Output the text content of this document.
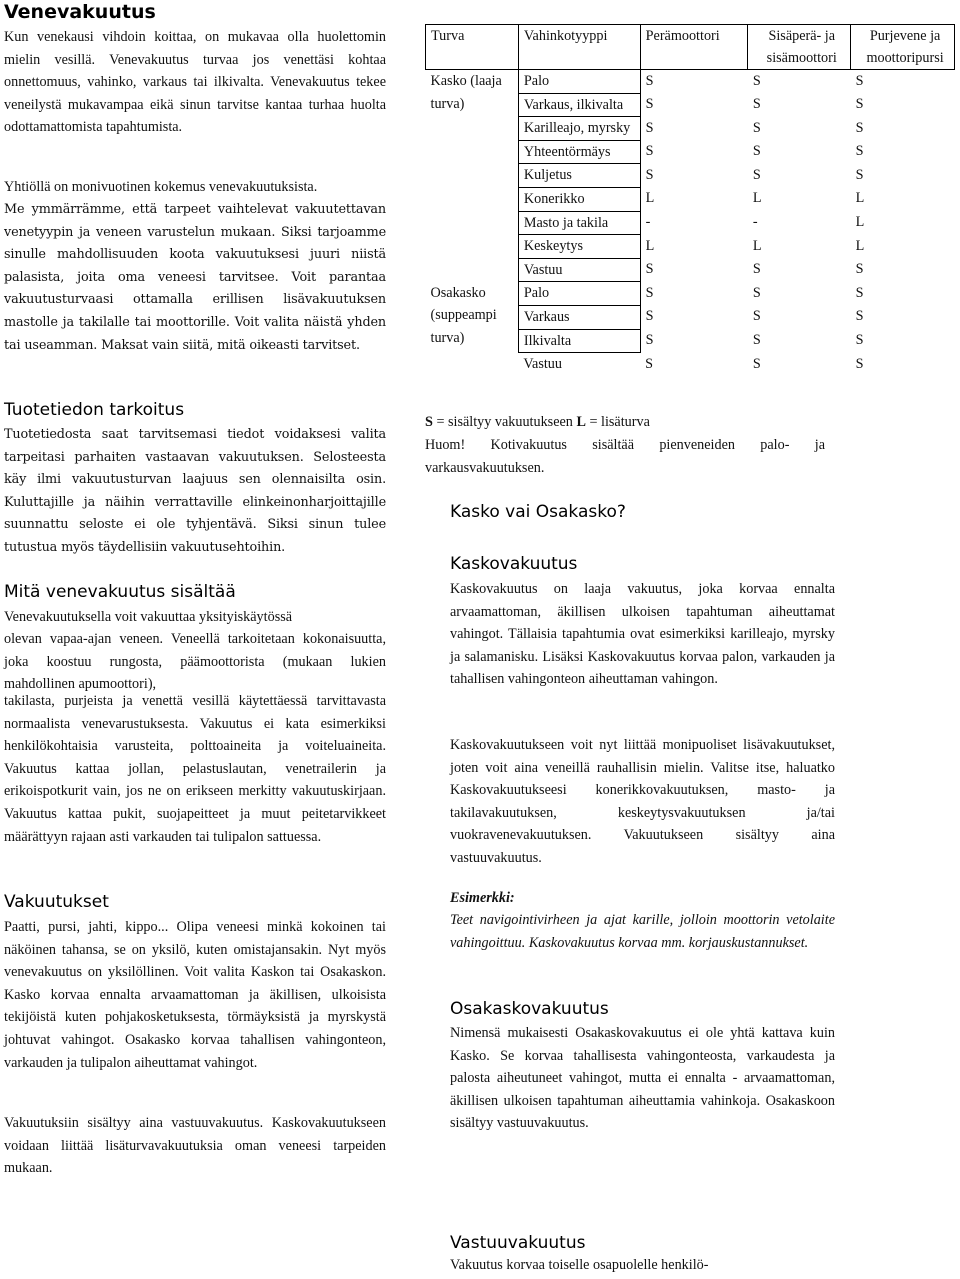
Venevakuutus

Kun venekausi vihdoin koittaa, on mukavaa olla huolettomin mielin vesillä. Venevakuutus turvaa jos venettäsi kohtaa onnettomuus, vahinko, varkaus tai ilkivalta. Venevakuutus tekee veneilystä mukavampaa eikä sinun tarvitse kantaa turhaa huolta odottamattomista tapahtumista.

Yhtiöllä on monivuotinen kokemus venevakuutuksista.

Me ymmärrämme, että tarpeet vaihtelevat vakuutettavan venetyypin ja veneen varustelun mukaan. Siksi tarjoamme sinulle mahdollisuuden koota vakuutuksesi juuri niistä palasista, joita oma veneesi tarvitsee. Voit parantaa vakuutusturvaasi ottamalla erillisen lisävakuutuksen mastolle ja takilalle tai moottorille. Voit valita näistä yhden tai useamman. Maksat vain siitä, mitä oikeasti tarvitset.

Tuotetiedon tarkoitus

Tuotetiedosta saat tarvitsemasi tiedot voidaksesi valita tarpeitasi parhaiten vastaavan vakuutuksen. Selosteesta käy ilmi vakuutusturvan laajuus sen olennaisilta osin. Kuluttajille ja näihin verrattaville elinkeinonharjoittajille suunnattu seloste ei ole tyhjentävä. Siksi sinun tulee tutustua myös täydellisiin vakuutusehtoihin.

Mitä venevakuutus sisältää

Venevakuutuksella voit vakuuttaa yksityiskäytössä

olevan vapaa-ajan veneen. Veneellä tarkoitetaan kokonaisuutta, joka koostuu rungosta, päämoottorista (mukaan lukien mahdollinen apumoottori),

takilasta, purjeista ja venettä vesillä käytettäessä tarvittavasta normaalista venevarustuksesta. Vakuutus ei kata esimerkiksi henkilökohtaisia varusteita, polttoaineita ja voiteluaineita. Vakuutus kattaa jollan, pelastuslautan, venetrailerin ja erikoispotkurit vain, jos ne on erikseen merkitty vakuutuskirjaan. Vakuutus kattaa pukit, suojapeitteet ja muut peitetarvikkeet määrättyyn rajaan asti varkauden tai tulipalon sattuessa.

Vakuutukset

Paatti, pursi, jahti, kippo... Olipa veneesi minkä kokoinen tai näköinen tahansa, se on yksilö, kuten omistajansakin. Nyt myös venevakuutus on yksilöllinen. Voit valita Kaskon tai Osakaskon. Kasko korvaa ennalta arvaamattoman ja äkillisen, ulkoisista tekijöistä kuten pohjakosketuksesta, törmäyksistä ja myrskystä johtuvat vahingot. Osakasko korvaa tahallisen vahingonteon, varkauden ja tulipalon aiheuttamat vahingot.

Vakuutuksiin sisältyy aina vastuuvakuutus. Kaskovakuutukseen voidaan liittää lisäturvavakuutuksia oman veneesi tarpeiden mukaan.

Turva	Vahinkotyyppi	Perämoottori	Sisäperä- ja sisämoottori	Purjevene ja moottoripursi
Kasko (laaja turva)	Palo	S	S	S
	Varkaus, ilkivalta	S	S	S
	Karilleajo, myrsky	S	S	S
	Yhteentörmäys	S	S	S
	Kuljetus	S	S	S
	Konerikko	L	L	L
	Masto ja takila	-	-	L
	Keskeytys	L	L	L
	Vastuu	S	S	S
Osakasko (suppeampi turva)	Palo	S	S	S
	Varkaus	S	S	S
	Ilkivalta	S	S	S
	Vastuu	S	S	S

S = sisältyy vakuutukseen L = lisäturva

Huom! Kotivakuutus sisältää pienveneiden palo- ja varkausvakuutuksen.

Kasko vai Osakasko?
Kaskovakuutus

Kaskovakuutus on laaja vakuutus, joka korvaa ennalta arvaamattoman, äkillisen ulkoisen tapahtuman aiheuttamat vahingot. Tällaisia tapahtumia ovat esimerkiksi karilleajo, myrsky ja salamanisku. Lisäksi Kaskovakuutus korvaa palon, varkauden ja tahallisen vahingonteon aiheuttaman vahingon.

Kaskovakuutukseen voit nyt liittää monipuoliset lisävakuutukset, joten voit aina veneillä rauhallisin mielin. Valitse itse, haluatko Kaskovakuutukseesi konerikkovakuutuksen, masto- ja takilavakuutuksen, keskeytysvakuutuksen ja/tai vuokravenevakuutuksen. Vakuutukseen sisältyy aina vastuuvakuutus.

Esimerkki:

Teet navigointivirheen ja ajat karille, jolloin moottorin vetolaite vahingoittuu. Kaskovakuutus korvaa mm. korjauskustannukset.

Osakaskovakuutus

Nimensä mukaisesti Osakaskovakuutus ei ole yhtä kattava kuin Kasko. Se korvaa tahallisesta vahingonteosta, varkaudesta ja palosta aiheutuneet vahingot, mutta ei ennalta - arvaamattoman, äkillisen ulkoisen tapahtuman aiheuttamia vahinkoja. Osakaskoon sisältyy vastuuvakuutus.

Vastuuvakuutus

Vakuutus korvaa toiselle osapuolelle henkilö-
